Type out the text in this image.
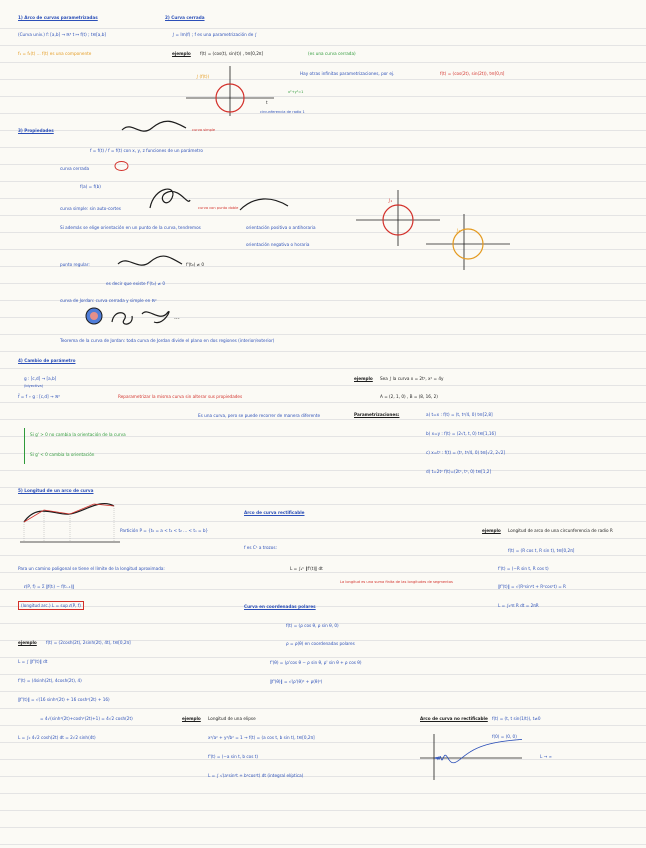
1) Arco de curvas parametrizadas	2) Curva cerrada
(Curva univ.) f: [a,b] → ℝ³ t ↦ f(t) ; t∈[a,b]
f₁ = f₁(t) ... f(t) es una componente
∫ = Im(f) ; f es una parametrización de ∫
ejemplo f(t) = (cos(t), sin(t)) , t∈[0,2π]	(es una curva cerrada)
Hay otras infinitas parametrizaciones, por ej.	f(t) = (cos(2t), sin(2t)), t∈[0,π]
∫ (f(t))
circunferencia de radio 1
x²+y²=1
t
3) Propiedades	curva simple
f = f(t) / f = f(t) con x, y, z funciones de un parámetro
curva cerrada
f(a) = f(b)
curva con punto doble
curva simple: sin auto-cortes
Si además se elige orientación en un punto de la curva, tendremos	orientación positiva o antihoraria
orientación negativa o horaria
∫₁
∫₂
punto regular:	f'(t₀) ≠ 0
es decir que existe f'(t₀) ≠ 0
curva de Jordan: curva cerrada y simple en ℝ²
...
Teorema de la curva de Jordan: toda curva de Jordan divide el plano en dos regiones (interior/exterior)
4) Cambio de parámetro
g : [c,d] → [a,b]
(biyectiva)
f̃ = f ∘ g : [c,d] → ℝ³	Reparametrizar la misma curva sin alterar sus propiedades
Es una curva, pero se puede recorrer de manera diferente
Si g' > 0 no cambia la orientación de la curva
Si g' < 0 cambia la orientación
ejemplo Sea ∫ la curva x = 2t², x² = 4y
A = (2, 1, 0) , B = (8, 16, 2)
Parametrizaciones:	a) t=x : f(t) = (t, t²/4, 0) t∈[2,8]
b) x=y : f(t) = (2√t, t, 0) t∈[1,16]
c) x=t² : f(t) = (t², t⁴/4, 0) t∈[√2, 2√2]
d) t=2t² f(t)=(2t², t⁴, 0) t∈[1,2]
5) Longitud de un arco de curva
Partición P = {t₀ = a < t₁ < t₂ ... < tₙ = b}
Para un camino poligonal se tiene el límite de la longitud aproximada:
ℓ(P, f) = Σ ‖f(tᵢ) − f(tᵢ₋₁)‖
(longitud arc.) L = sup ℓ(P, f)
Arco de curva rectificable
f es C¹ a trozos:
L = ∫ₐᵇ ‖f'(t)‖ dt
La longitud es una suma finita de las longitudes de segmentos
Curva en coordenadas polares
f(t) = (ρ cos θ, ρ sin θ, 0)
ρ = ρ(θ) en coordenadas polares
f'(θ) = (ρ'cos θ − ρ sin θ, ρ' sin θ + ρ cos θ)
‖f'(θ)‖ = √(ρ'(θ)² + ρ(θ)²)
ejemplo Longitud de arco de una circunferencia de radio R
f(t) = (R cos t, R sin t), t∈[0,2π]
f'(t) = (−R sin t, R cos t)
‖f'(t)‖ = √(R²sin²t + R²cos²t) = R
L = ∫₀²π R dt = 2πR
ejemplo f(t) = (2cosh(2t), 2sinh(2t), 4t), t∈[0,2π]
L = ∫ ‖f'(t)‖ dt
f'(t) = (4sinh(2t), 4cosh(2t), 4)
‖f'(t)‖ = √(16 sinh²(2t) + 16 cosh²(2t) + 16)
= 4√(sinh²(2t)+cosh²(2t)+1) = 4√2 cosh(2t)
L = ∫₀ 4√2 cosh(2t) dt = 2√2 sinh(4t)
ejemplo Longitud de una elipse
x²/a² + y²/b² = 1 → f(t) = (a cos t, b sin t), t∈[0,2π]
f'(t) = (−a sin t, b cos t)
L = ∫ √(a²sin²t + b²cos²t) dt (integral elíptica)
Arco de curva no rectificable f(t) = (t, t sin(1/t)), t≠0
f(0) = (0, 0)
L → ∞
